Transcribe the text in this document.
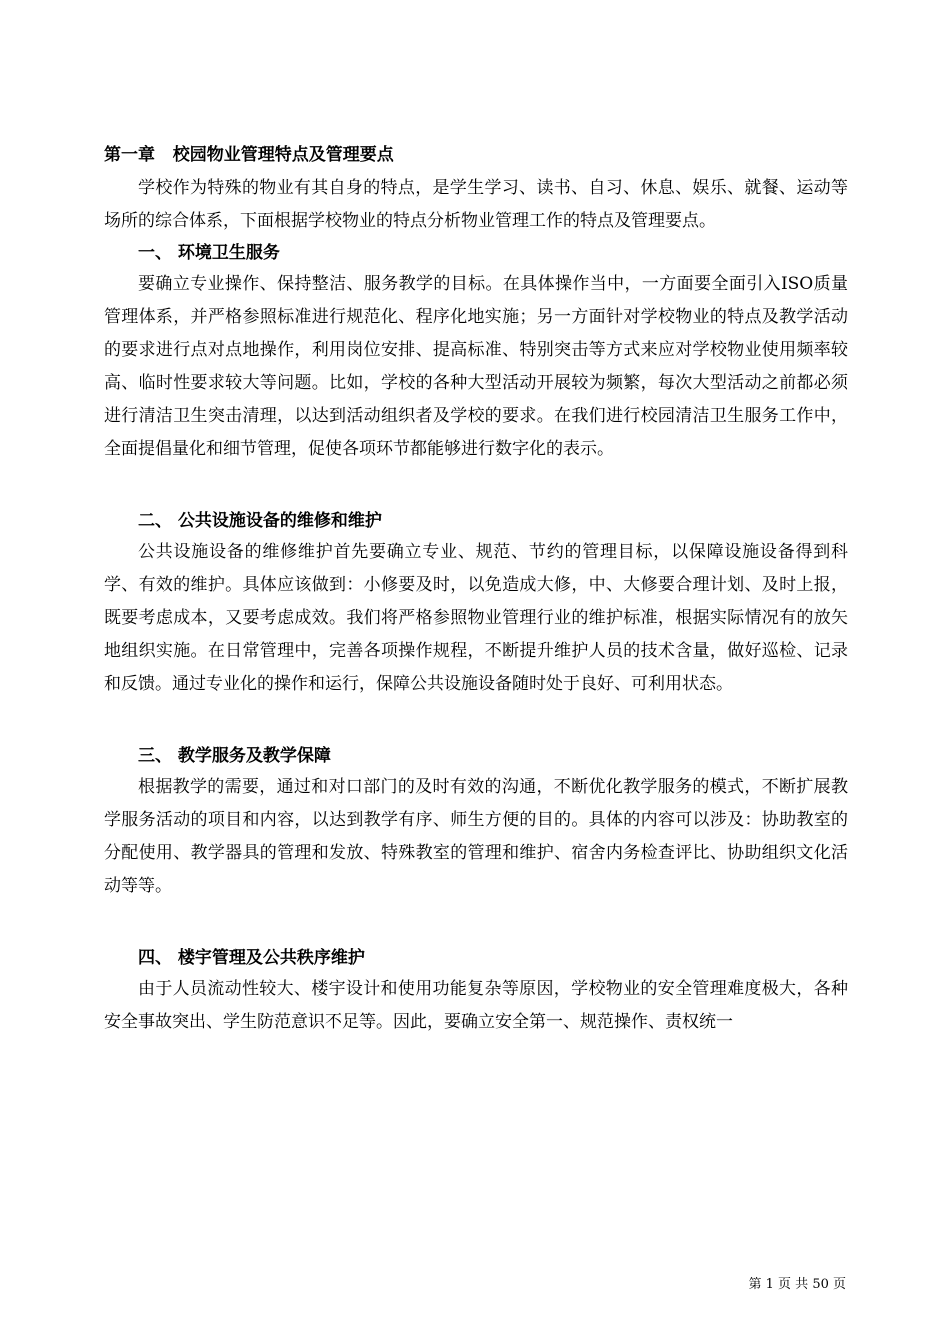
第一章   校园物业管理特点及管理要点

学校作为特殊的物业有其自身的特点，是学生学习、读书、自习、休息、娱乐、就餐、运动等场所的综合体系，下面根据学校物业的特点分析物业管理工作的特点及管理要点。

一、 环境卫生服务

要确立专业操作、保持整洁、服务教学的目标。在具体操作当中，一方面要全面引入ISO质量管理体系，并严格参照标准进行规范化、程序化地实施；另一方面针对学校物业的特点及教学活动的要求进行点对点地操作，利用岗位安排、提高标准、特别突击等方式来应对学校物业使用频率较高、临时性要求较大等问题。比如，学校的各种大型活动开展较为频繁，每次大型活动之前都必须进行清洁卫生突击清理，以达到活动组织者及学校的要求。在我们进行校园清洁卫生服务工作中，全面提倡量化和细节管理，促使各项环节都能够进行数字化的表示。

二、 公共设施设备的维修和维护

公共设施设备的维修维护首先要确立专业、规范、节约的管理目标，以保障设施设备得到科学、有效的维护。具体应该做到：小修要及时，以免造成大修，中、大修要合理计划、及时上报，既要考虑成本，又要考虑成效。我们将严格参照物业管理行业的维护标准，根据实际情况有的放矢地组织实施。在日常管理中，完善各项操作规程，不断提升维护人员的技术含量，做好巡检、记录和反馈。通过专业化的操作和运行，保障公共设施设备随时处于良好、可利用状态。

三、 教学服务及教学保障

根据教学的需要，通过和对口部门的及时有效的沟通，不断优化教学服务的模式，不断扩展教学服务活动的项目和内容，以达到教学有序、师生方便的目的。具体的内容可以涉及：协助教室的分配使用、教学器具的管理和发放、特殊教室的管理和维护、宿舍内务检查评比、协助组织文化活动等等。

四、 楼宇管理及公共秩序维护

由于人员流动性较大、楼宇设计和使用功能复杂等原因，学校物业的安全管理难度极大，各种安全事故突出、学生防范意识不足等。因此，要确立安全第一、规范操作、责权统一

第 1 页 共 50 页
